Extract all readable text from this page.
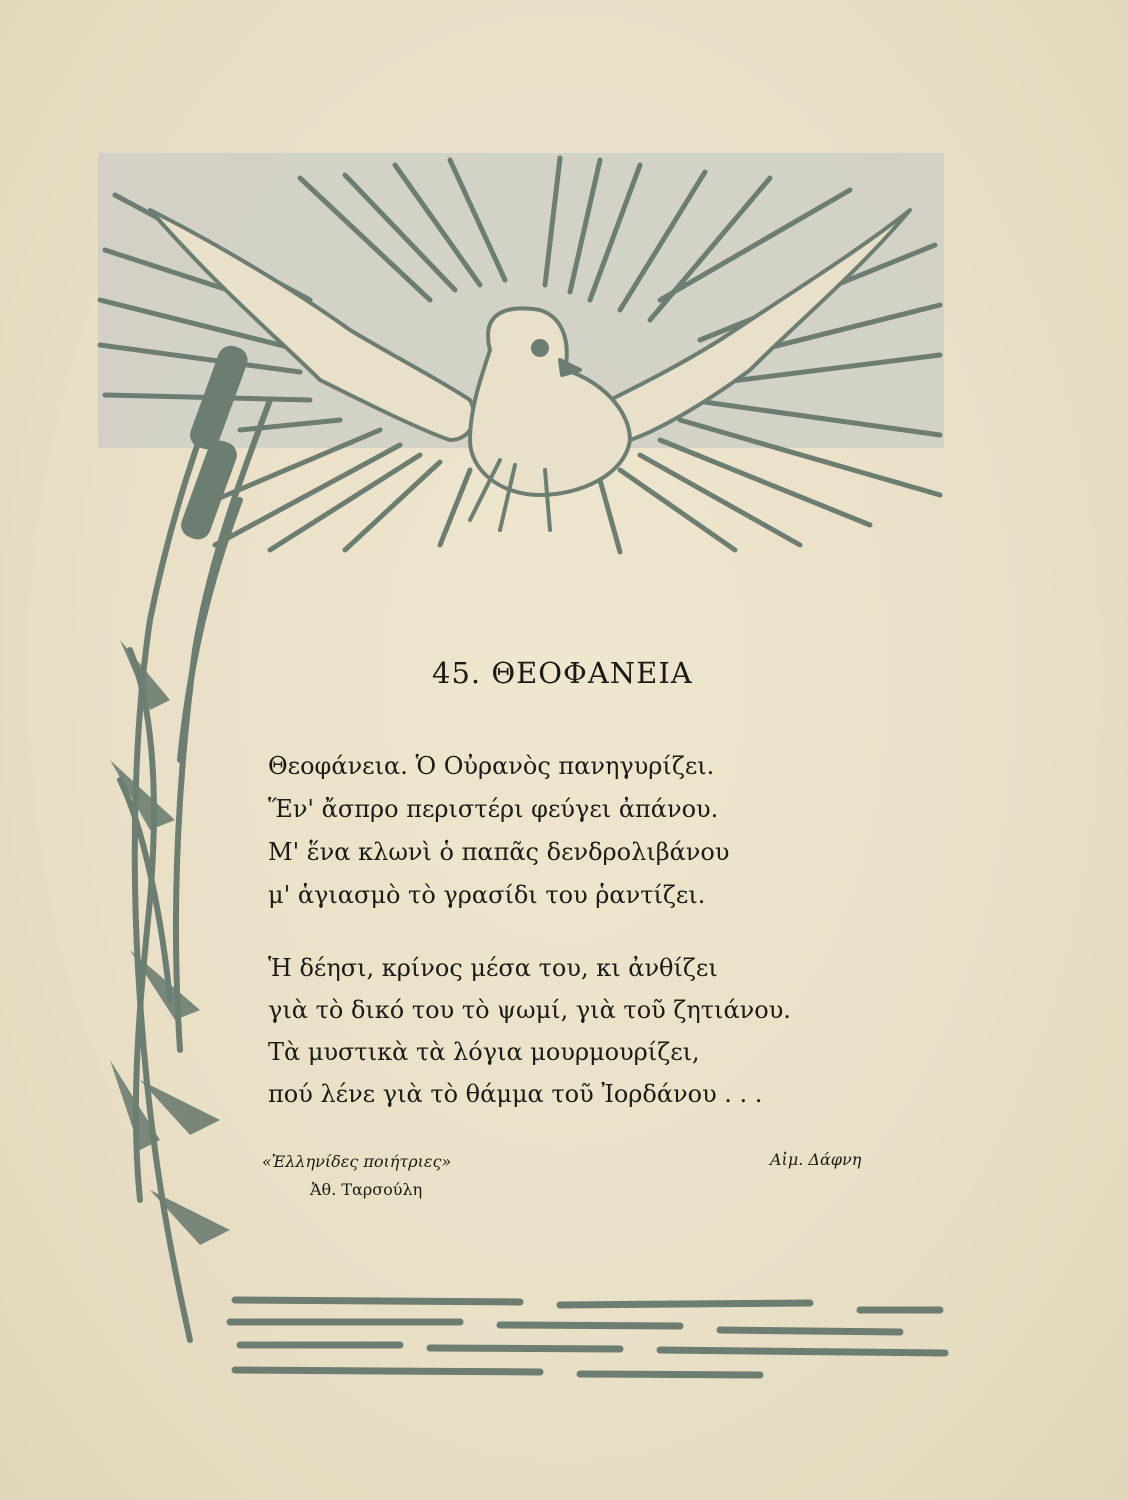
45. ΘΕΟΦΑΝΕΙΑ
Θεοφάνεια. Ὁ Οὐρανὸς πανηγυρίζει.
Ἕν' ἄσπρο περιστέρι φεύγει ἀπάνου.
Μ' ἕνα κλωνὶ ὁ παπᾶς δενδρολιβάνου
μ' ἁγιασμὸ τὸ γρασίδι του ῥαντίζει.
Ἡ δέησι, κρίνος μέσα του, κι ἀνθίζει
γιὰ τὸ δικό του τὸ ψωμί, γιὰ τοῦ ζητιάνου.
Τὰ μυστικὰ τὰ λόγια μουρμουρίζει,
πού λένε γιὰ τὸ θάμμα τοῦ Ἰορδάνου . . .
«Ἑλληνίδες ποιήτριες»
Ἀθ. Ταρσούλη
Αἰμ. Δάφνη
